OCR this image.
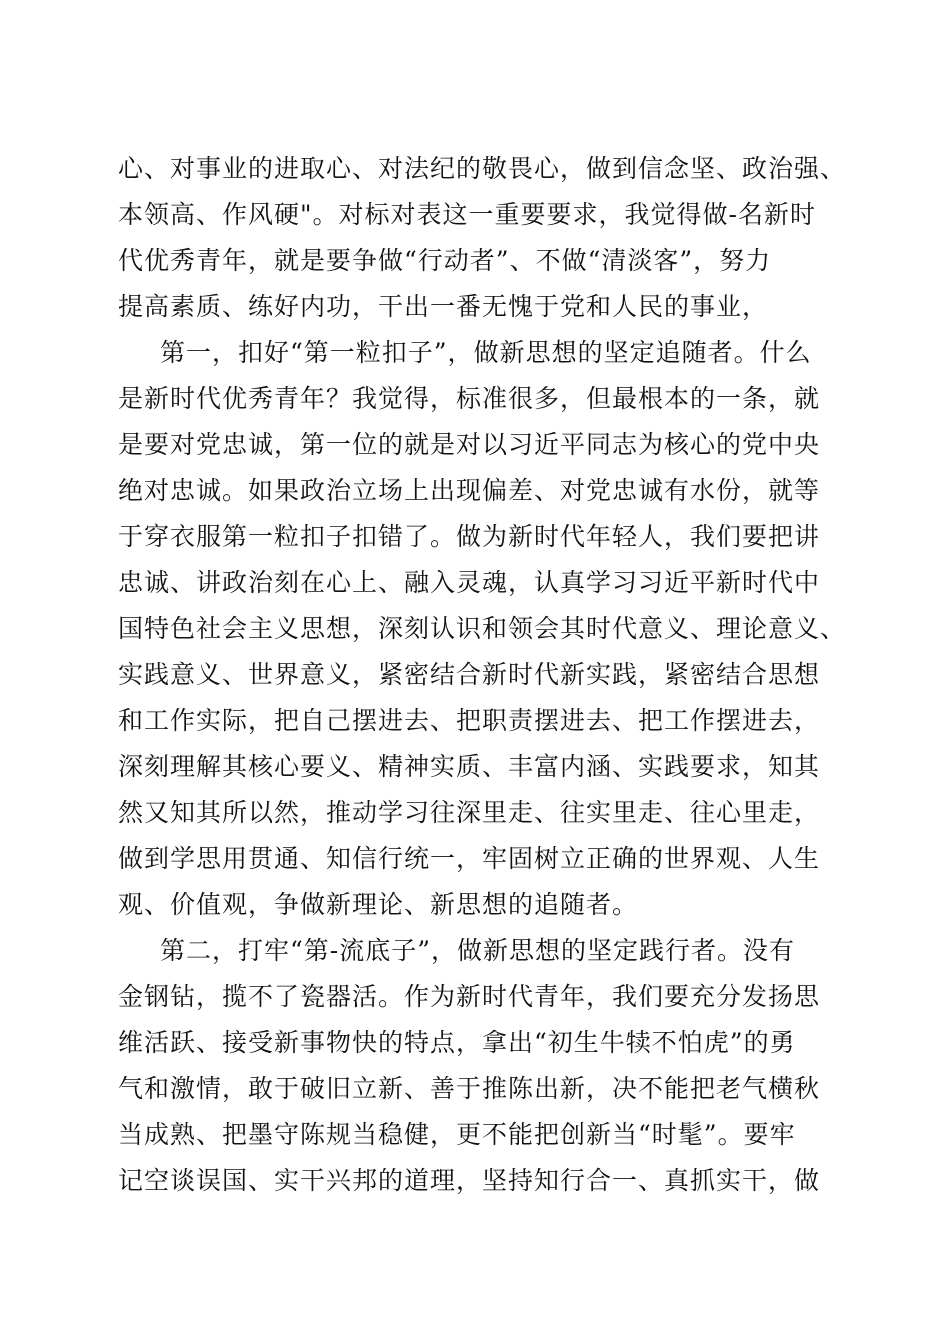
心、对事业的进取心、对法纪的敬畏心，做到信念坚、政治强、
本领高、作风硬"。对标对表这一重要要求，我觉得做-名新时
代优秀青年，就是要争做“行动者”、不做“清淡客”，努力
提高素质、练好内功，干出一番无愧于党和人民的事业，
第一，扣好“第一粒扣子”，做新思想的坚定追随者。什么
是新时代优秀青年？我觉得，标准很多，但最根本的一条，就
是要对党忠诚，第一位的就是对以习近平同志为核心的党中央
绝对忠诚。如果政治立场上出现偏差、对党忠诚有水份，就等
于穿衣服第一粒扣子扣错了。做为新时代年轻人，我们要把讲
忠诚、讲政治刻在心上、融入灵魂，认真学习习近平新时代中
国特色社会主义思想，深刻认识和领会其时代意义、理论意义、
实践意义、世界意义，紧密结合新时代新实践，紧密结合思想
和工作实际，把自己摆进去、把职责摆进去、把工作摆进去，
深刻理解其核心要义、精神实质、丰富内涵、实践要求，知其
然又知其所以然，推动学习往深里走、往实里走、往心里走，
做到学思用贯通、知信行统一，牢固树立正确的世界观、人生
观、价值观，争做新理论、新思想的追随者。
第二，打牢“第-流底子”，做新思想的坚定践行者。没有
金钢钻，揽不了瓷器活。作为新时代青年，我们要充分发扬思
维活跃、接受新事物快的特点，拿出“初生牛犊不怕虎”的勇
气和激情，敢于破旧立新、善于推陈出新，决不能把老气横秋
当成熟、把墨守陈规当稳健，更不能把创新当“时髦”。要牢
记空谈误国、实干兴邦的道理，坚持知行合一、真抓实干，做
